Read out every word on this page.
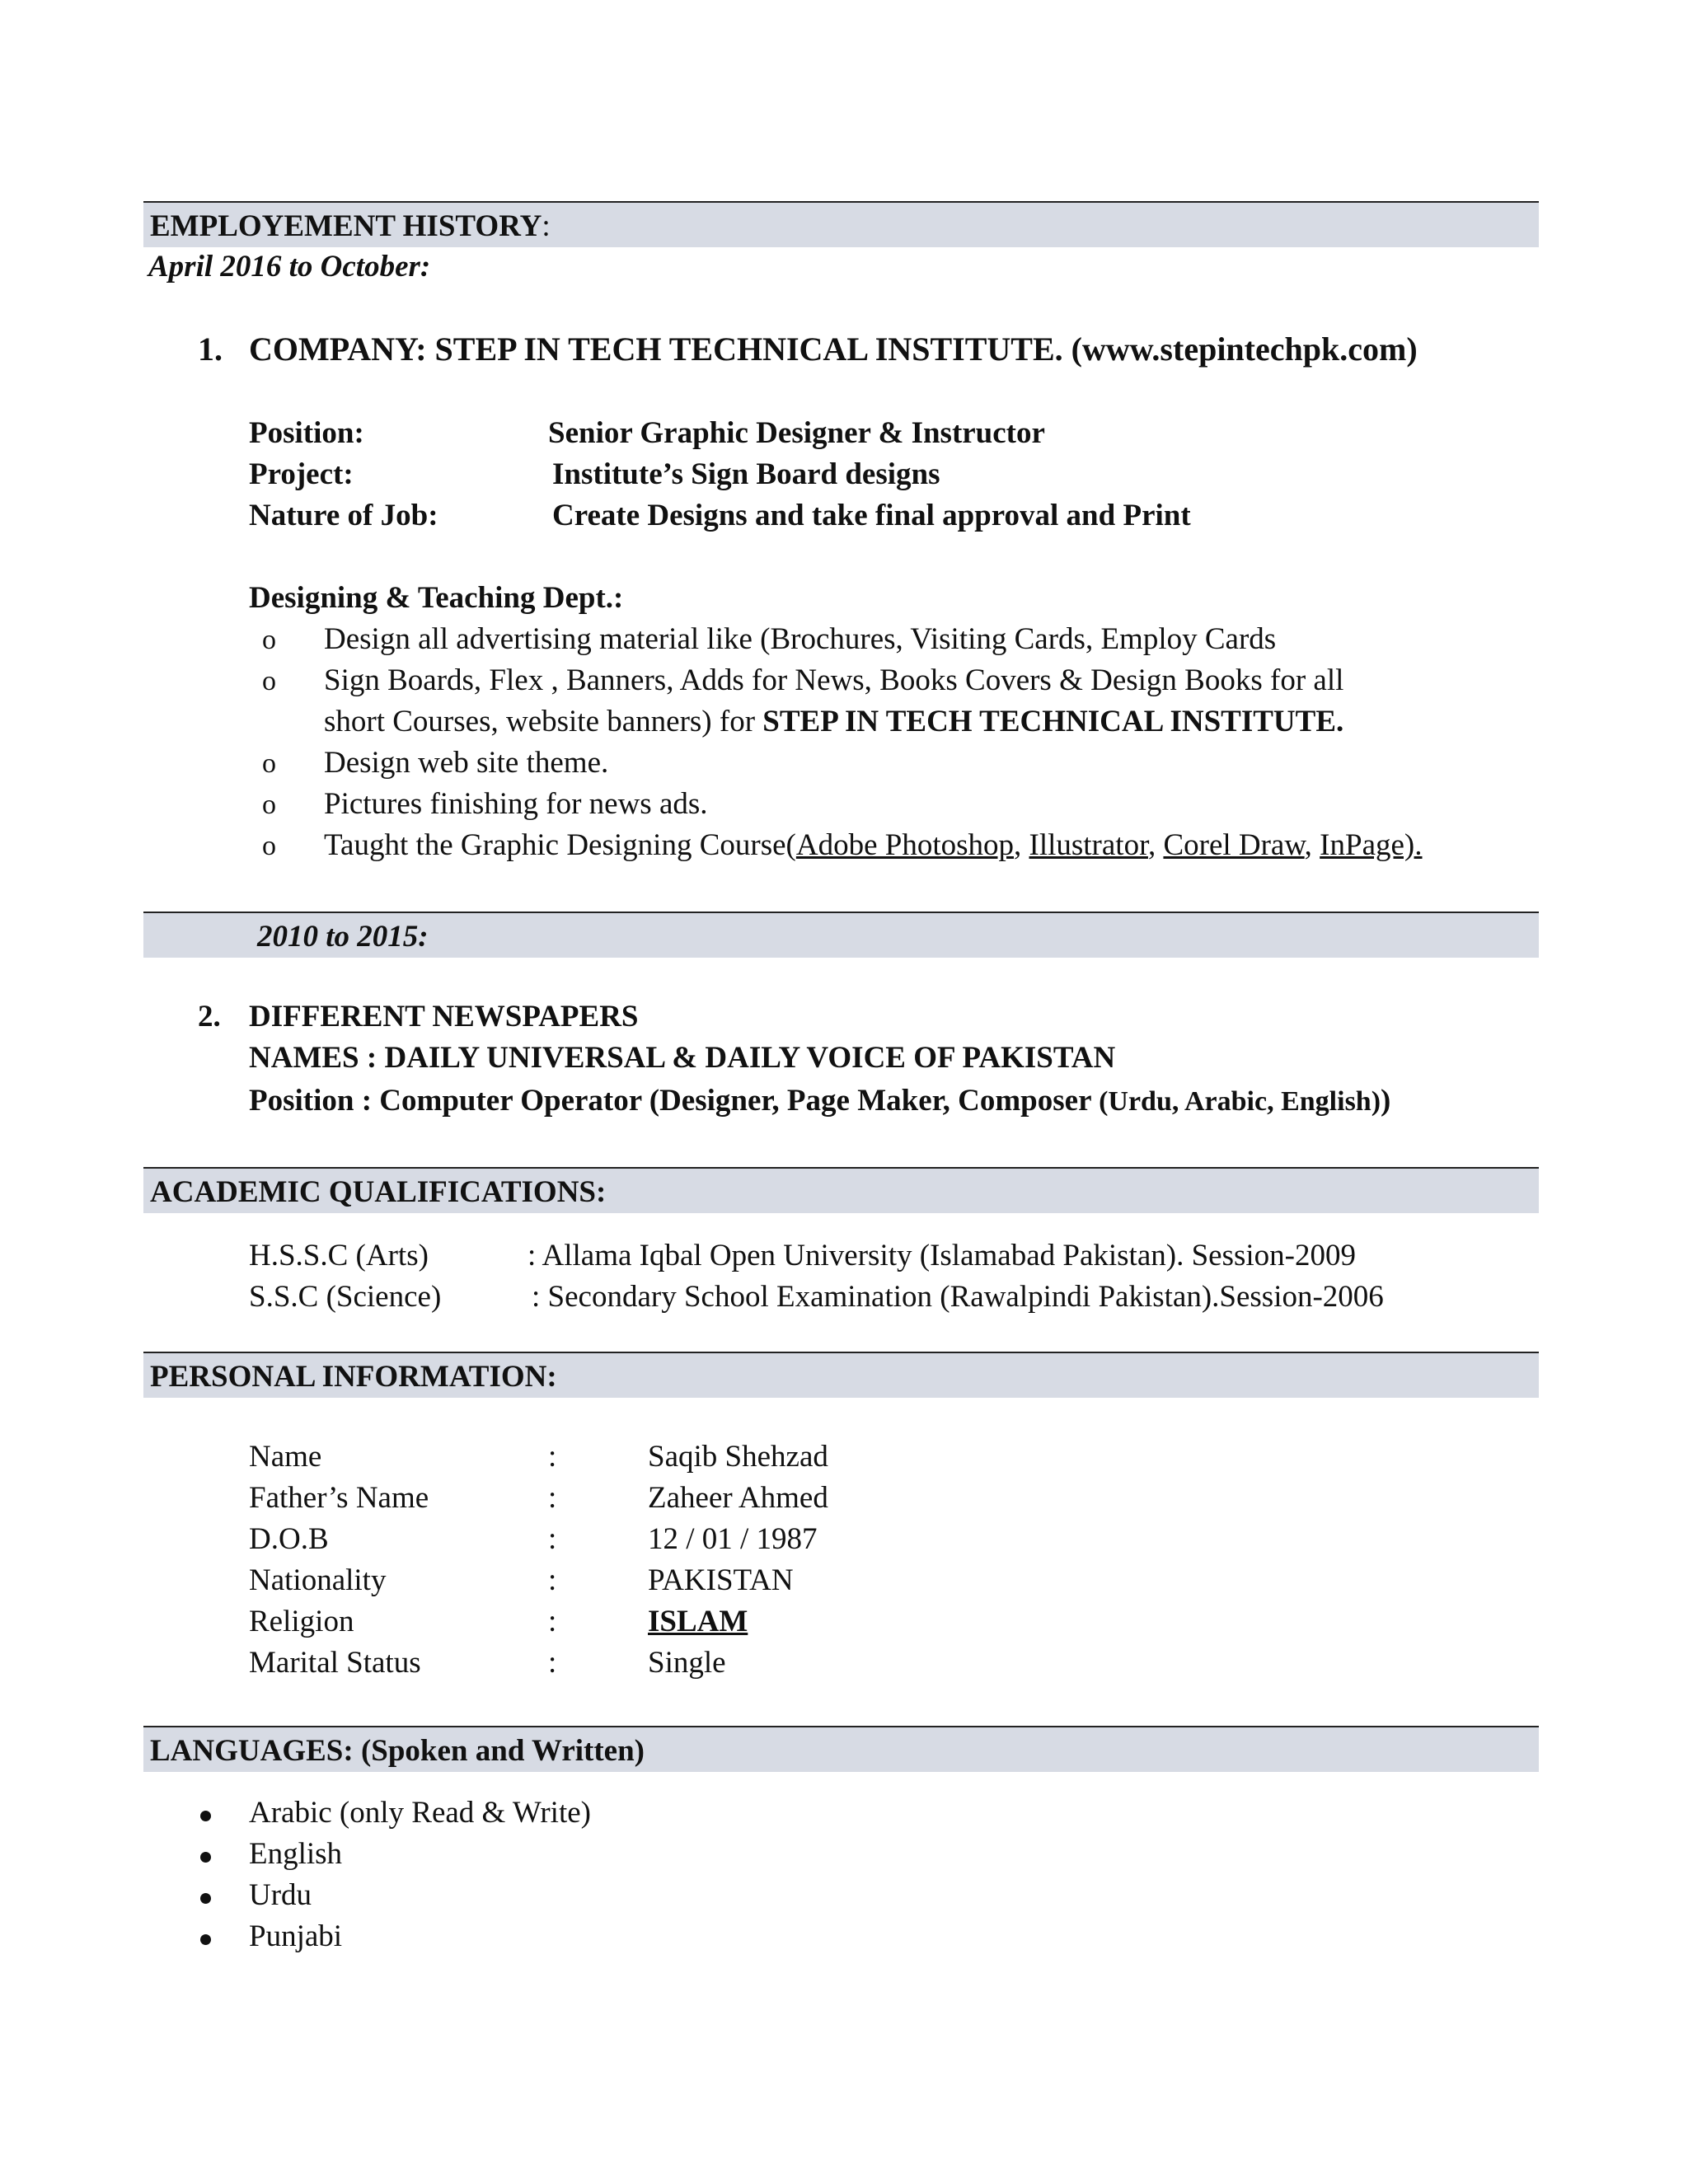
EMPLOYEMENT HISTORY:
April 2016 to October:
1. COMPANY: STEP IN TECH TECHNICAL INSTITUTE. (www.stepintechpk.com)
Position:	Senior Graphic Designer & Instructor
Project:	Institute’s Sign Board designs
Nature of Job:	Create Designs and take final approval and Print
Designing & Teaching Dept.:
o Design all advertising material like (Brochures, Visiting Cards, Employ Cards
o Sign Boards, Flex , Banners, Adds for News, Books Covers & Design Books for all
short Courses, website banners) for STEP IN TECH TECHNICAL INSTITUTE.
o Design web site theme.
o Pictures finishing for news ads.
o Taught the Graphic Designing Course(Adobe Photoshop, Illustrator, Corel Draw, InPage).
2010 to 2015:
2. DIFFERENT NEWSPAPERS
NAMES : DAILY UNIVERSAL & DAILY VOICE OF PAKISTAN
Position : Computer Operator (Designer, Page Maker, Composer (Urdu, Arabic, English))
ACADEMIC QUALIFICATIONS:
H.S.S.C (Arts)	: Allama Iqbal Open University (Islamabad Pakistan). Session-2009
S.S.C (Science)	: Secondary School Examination (Rawalpindi Pakistan).Session-2006
PERSONAL INFORMATION:
Name	:	Saqib Shehzad
Father’s Name	:	Zaheer Ahmed
D.O.B	:	12 / 01 / 1987
Nationality	:	PAKISTAN
Religion	:	ISLAM
Marital Status	:	Single
LANGUAGES: (Spoken and Written)
Arabic (only Read & Write)
English
Urdu
Punjabi
